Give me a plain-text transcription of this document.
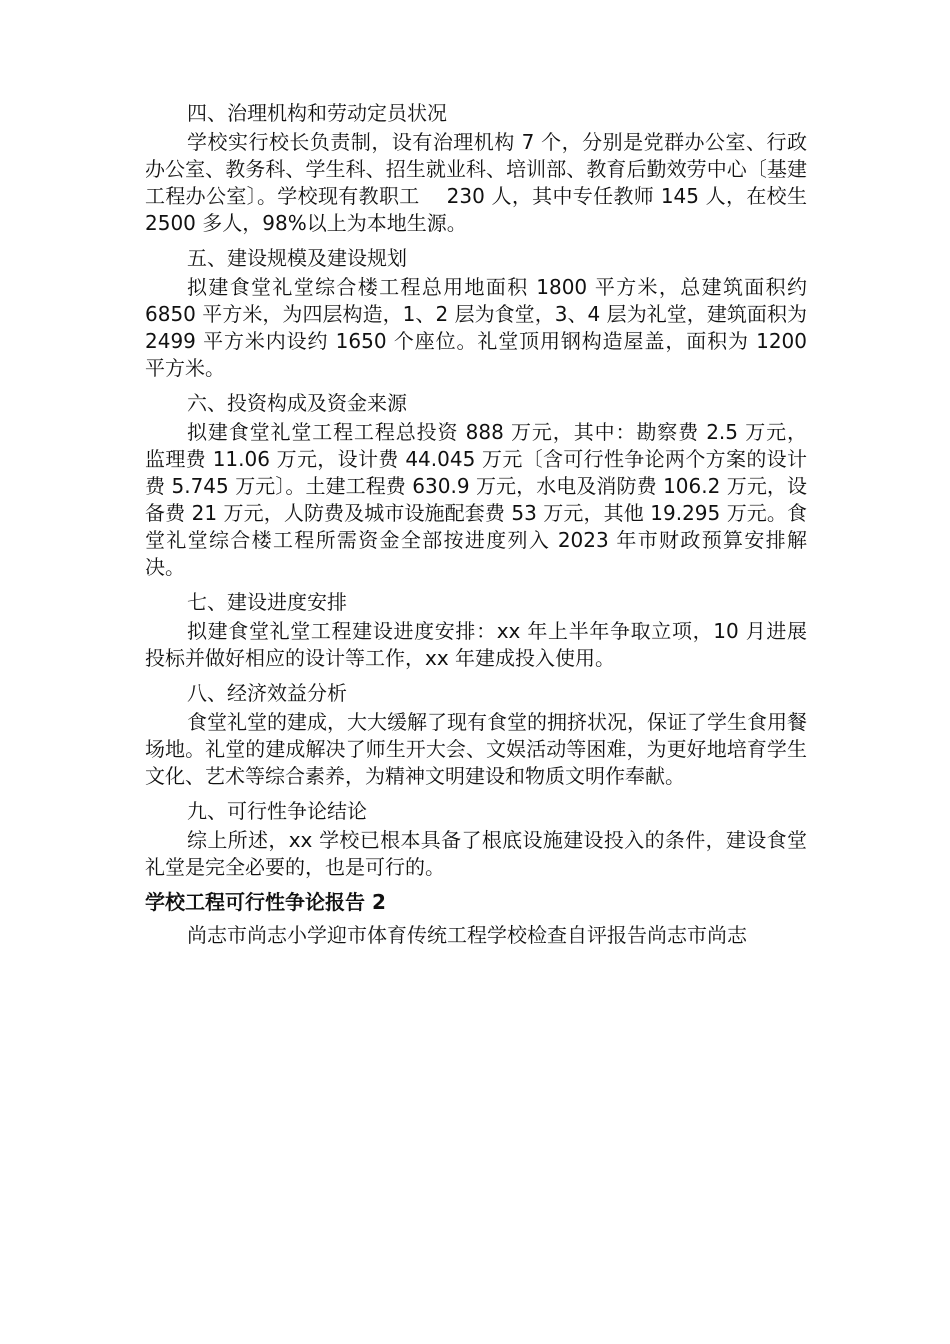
四、治理机构和劳动定员状况

学校实行校长负责制，设有治理机构 7 个，分别是党群办公室、行政办公室、教务科、学生科、招生就业科、培训部、教育后勤效劳中心〔基建工程办公室〕。学校现有教职工　 230 人，其中专任教师 145 人，在校生 2500 多人，98%以上为本地生源。

五、建设规模及建设规划

拟建食堂礼堂综合楼工程总用地面积 1800 平方米，总建筑面积约 6850 平方米，为四层构造，1、2 层为食堂，3、4 层为礼堂，建筑面积为 2499 平方米内设约 1650 个座位。礼堂顶用钢构造屋盖，面积为 1200 平方米。

六、投资构成及资金来源

拟建食堂礼堂工程工程总投资 888 万元，其中：勘察费 2.5 万元， 监理费 11.06 万元，设计费 44.045 万元〔含可行性争论两个方案的设计费 5.745 万元〕。土建工程费 630.9 万元，水电及消防费 106.2 万元，设备费 21 万元，人防费及城市设施配套费 53 万元，其他 19.295 万元。食堂礼堂综合楼工程所需资金全部按进度列入 2023 年市财政预算安排解决。

七、建设进度安排

拟建食堂礼堂工程建设进度安排：xx 年上半年争取立项，10 月进展投标并做好相应的设计等工作，xx 年建成投入使用。

八、经济效益分析

食堂礼堂的建成，大大缓解了现有食堂的拥挤状况，保证了学生食用餐场地。礼堂的建成解决了师生开大会、文娱活动等困难，为更好地培育学生文化、艺术等综合素养，为精神文明建设和物质文明作奉献。

九、可行性争论结论

综上所述，xx 学校已根本具备了根底设施建设投入的条件，建设食堂礼堂是完全必要的，也是可行的。

学校工程可行性争论报告 2
尚志市尚志小学迎市体育传统工程学校检查自评报告尚志市尚志
